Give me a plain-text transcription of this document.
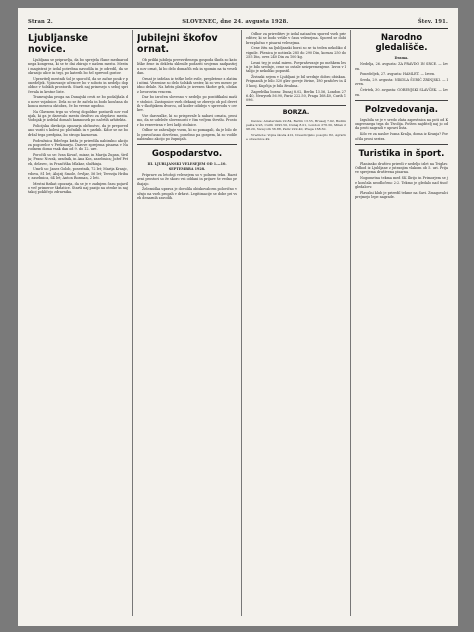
Stran 2.	SLOVENEC, dne 24. avgusta 1928.	Štev. 191.
Ljubljanske novice.

Ljubljana se pripravlja, da bo sprejela člane mednarodnega kongresa, ki se te dni zbirajo v našem mestu. Mestni magistrat je izdal potrebna navodila in je odredil, da se okrasijo ulice in trgi, po katerih bo šel sprevod gostov.

Upravitelj mestnih šol je sporočil, da se začne pouk v ponedeljek. Vpisovanje učencev bo v soboto in nedeljo dopoldne v šolskih prostorih. Starši naj prinesejo s seboj spričevala in krstne liste.

Tramvajska proga na Dunajski cesti se bo podaljšala do nove vojašnice. Dela so se že začela in bodo končana do konca meseca oktobra, če bo vreme ugodno.

Na Glavnem trgu so včeraj dopoldne postavili nov vodnjak, ki ga je darovalo mestu društvo za olepšavo mesta. Vodnjak je izdelal domači kamnosek po načrtih arhitekta.

Policijska direkcija opozarja občinstvo, da je prepovedano voziti s kolesi po pločnikih in v parkih. Kdor se ne bo držal tega predpisa, bo strogo kaznovan.

Podružnica Rdečega križa je priredila nabiralno akcijo za pogorelce v Prekmurju. Darove sprejema pisarna v Narodnem domu vsak dan od 9. do 12. ure.

Poročili so se: Ivan Kovač, mizar, in Marija Zupan, šivilja; Franc Novak, uradnik, in Ana Kos, zasebnica; Jožef Petek, delavec, in Frančiška Mlakar, služkinja.

Umrli so: Janez Golob, posestnik, 72 let; Marija Kranjc, vdova, 81 let; Alojzij Smole, čevljar, 56 let; Terezija Hribar, zasebnica, 64 let; Anton Rozman, 2 leti.

Mestni fizikat opozarja, da se je v zadnjem času pojavilo več primerov škrlatice. Starši naj pazijo na otroke in naj takoj pokličejo zdravnika.

Jubilejni škofov ornat.

Ob priliki jubileja prevzvišenega gospoda škofa so katoliške žene in dekleta sklenile podariti svojemu nadpastirju nov ornat, ki bo delo domačih rok in spomin na ta veseli dan.

Ornat je izdelan iz težke bele svile, prepletene z zlatimi nitmi. Vezenine so delo šolskih sester, ki so ves mesec pridno delale. Na hrbtu plašča je izvezen škofov grb, obdan z lovorovim vencem.

Dar bo izročen slovesno v nedeljo po pontifikalni maši v stolnici. Zastopnice vseh dekanij se zberejo ob pol devetih v škofijskem dvorcu, od koder odidejo v sprevodu v cerkev.

Vse darovalke, ki so prispevale k nabavi ornata, prosimo, da se udeleže slovesnosti v čim večjem številu. Prostor bo rezerviran v levi ladji stolnice.

Odbor se zahvaljuje vsem, ki so pomagali, da je bilo delo pravočasno dovršeno, posebno pa gospem, ki so vodile nabiralno akcijo po župnijah.

Gospodarstvo.
III. LJUBLJANSKI VELESEJEM OD 1.—10. SEPTEMBRA 1928.

Priprave za letošnji velesejem so v polnem teku. Razstavni prostori so že skoro vsi oddani in prijave še vedno prihajajo.

Železniška uprava je dovolila obiskovalcem polovično vožnjo na vseh progah v državi. Legitimacije se dobe pri vseh denarnih zavodih.

Odbor za prireditev je izdal natančen spored vseh prireditev, ki se bodo vršile v času velesejma. Spored se dobi brezplačno v pisarni velesejma.

Cene žitu na ljubljanski borzi so se ta teden nekoliko dvignile. Pšenica je notirala 285 do 290 Din, koruza 250 do 255 Din, oves 240 Din za 100 kg.

Lesni trg je ostal miren. Povpraševanje po mehkem lesu je bilo srednje, cene so ostale neizpremenjene. Izvoz v Italijo je nekoliko popustil.

Živinski sejem v Ljubljani je bil srednje dobro obiskan. Prignanih je bilo 320 glav goveje živine, 180 prašičev in 45 konj. Kupčija je bila živahna.

Zagrebška borza: Dunaj 8.02, Berlin 13.56, London 276.40, Newyork 56.90, Pariz 222.50, Praga 168.40, Curih 1096.

BORZA.

Devize: Amsterdam 22.84, Berlin 13.55, Bruselj 7.92, Budimpešta 9.93, Curih 1095.50, Dunaj 8.01, London 276.30, Milan 298.20, Newyork 56.88, Pariz 222.40, Praga 168.30.

Vrednote: Vojna škoda 412, Investicijsko posojilo 82, Agrarne obveznice 49.

Narodno gledališče.
Drama.

Nedelja, 26. avgusta: ZA PRAVDO IN SRCE. — Izven.

Ponedeljek, 27. avgusta: HAMLET. — Izven.

Sreda, 29. avgusta: NIKOLA ŠUBIĆ ZRINJSKI. — Izven.

Četrtek, 30. avgusta: GORENJSKI SLAVČEK. — Izven.

Polzvedovanja.

Izgubila se je v sredo zlata zapestnica na poti od Kongresnega trga do Tivolija. Pošten najditelj naj jo odda proti nagradi v upravi lista.

Kdo ve za naslov Ivana Kralja, doma iz Kranja? Poročila prosi sestra.

Turistika in šport.

Planinsko društvo priredi v nedeljo izlet na Triglav. Odhod iz Ljubljane z jutranjim vlakom ob 5. uri. Prijave sprejema društvena pisarna.

Nogometna tekma med SK Ilirijo in Primorjem se je končala neodločeno 2:2. Tekmo je gledalo nad tisoč gledalcev.

Plavalni klub je priredil tekme na Savi. Zmagovalci prejmejo lepe nagrade.
